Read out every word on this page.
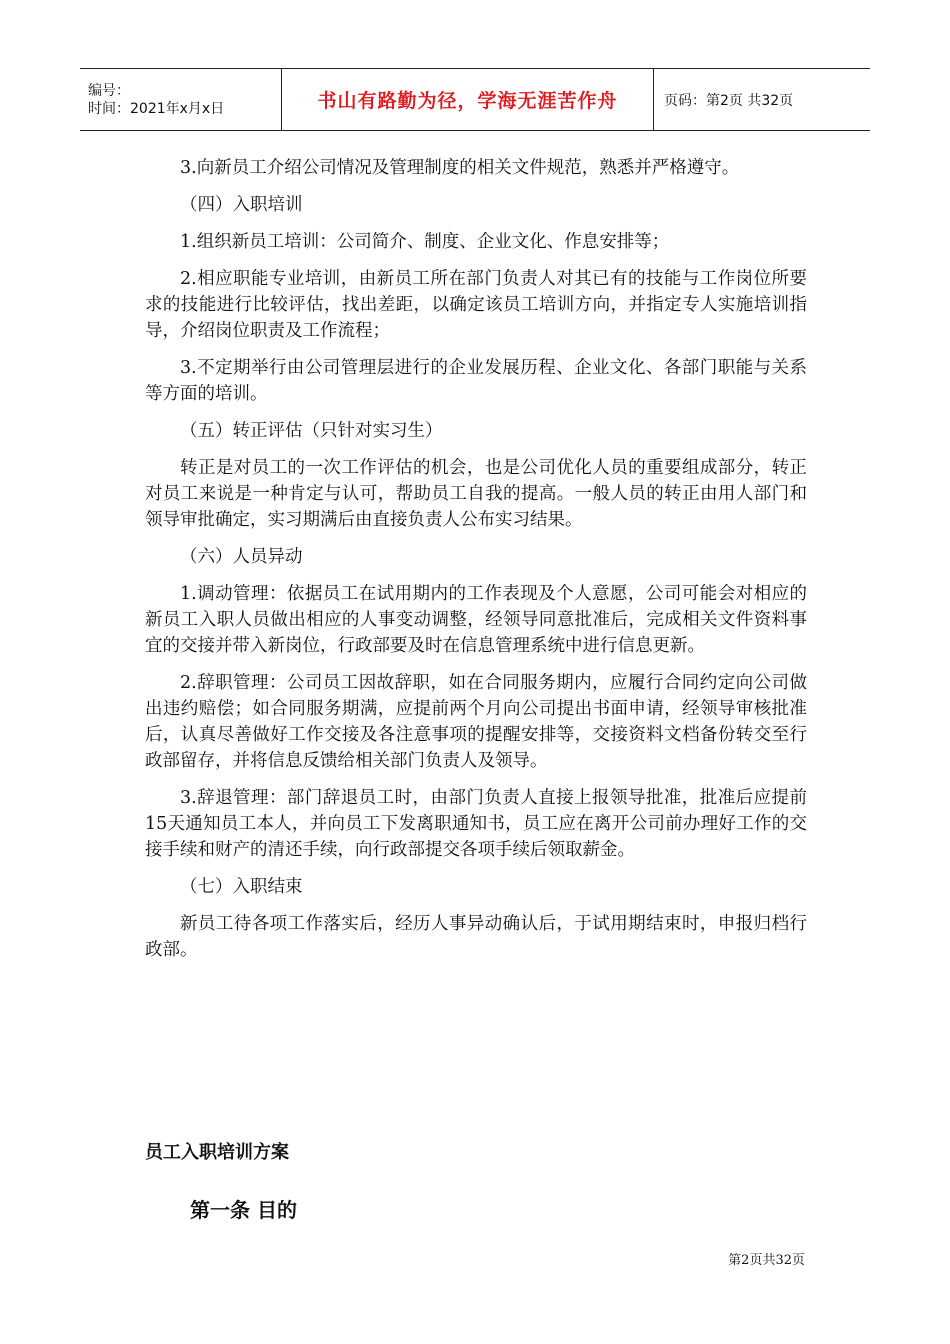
编号：
时间：2021年x月x日	书山有路勤为径，学海无涯苦作舟	页码：第2页 共32页

3.向新员工介绍公司情况及管理制度的相关文件规范，熟悉并严格遵守。

（四）入职培训

1.组织新员工培训：公司简介、制度、企业文化、作息安排等；

2.相应职能专业培训，由新员工所在部门负责人对其已有的技能与工作岗位所要求的技能进行比较评估，找出差距，以确定该员工培训方向，并指定专人实施培训指导，介绍岗位职责及工作流程；

3.不定期举行由公司管理层进行的企业发展历程、企业文化、各部门职能与关系等方面的培训。

（五）转正评估（只针对实习生）

转正是对员工的一次工作评估的机会，也是公司优化人员的重要组成部分，转正对员工来说是一种肯定与认可，帮助员工自我的提高。一般人员的转正由用人部门和领导审批确定，实习期满后由直接负责人公布实习结果。

（六）人员异动

1.调动管理：依据员工在试用期内的工作表现及个人意愿，公司可能会对相应的新员工入职人员做出相应的人事变动调整，经领导同意批准后，完成相关文件资料事宜的交接并带入新岗位，行政部要及时在信息管理系统中进行信息更新。

2.辞职管理：公司员工因故辞职，如在合同服务期内，应履行合同约定向公司做出违约赔偿；如合同服务期满，应提前两个月向公司提出书面申请，经领导审核批准后，认真尽善做好工作交接及各注意事项的提醒安排等，交接资料文档备份转交至行政部留存，并将信息反馈给相关部门负责人及领导。

3.辞退管理：部门辞退员工时，由部门负责人直接上报领导批准，批准后应提前15天通知员工本人，并向员工下发离职通知书，员工应在离开公司前办理好工作的交接手续和财产的清还手续，向行政部提交各项手续后领取薪金。

（七）入职结束

新员工待各项工作落实后，经历人事异动确认后，于试用期结束时，申报归档行政部。

员工入职培训方案
第一条 目的
第2页共32页
